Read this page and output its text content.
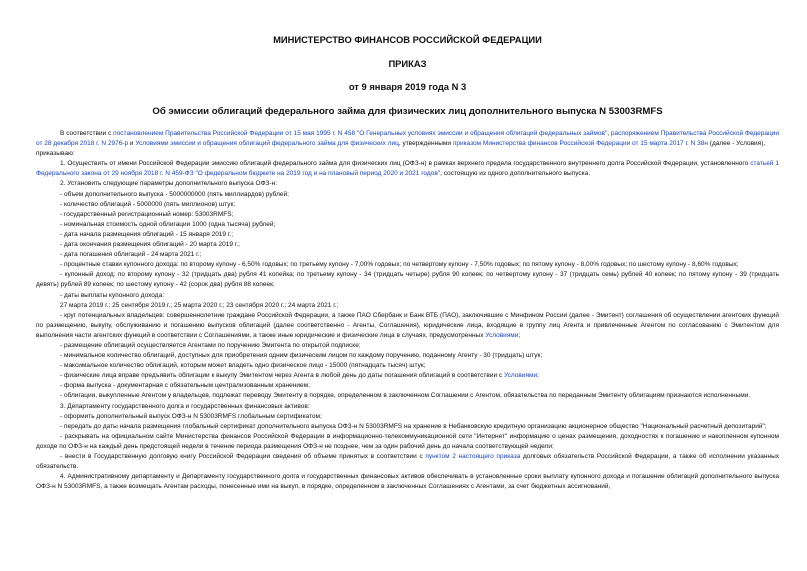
МИНИСТЕРСТВО ФИНАНСОВ РОССИЙСКОЙ ФЕДЕРАЦИИ

ПРИКАЗ

от 9 января 2019 года N 3

Об эмиссии облигаций федерального займа для физических лиц дополнительного выпуска N 53003RMFS

В соответствии с постановлением Правительства Российской Федерации от 15 мая 1995 г. N 458 "О Генеральных условиях эмиссии и обращения облигаций федеральных займов", распоряжением Правительства Российской Федерации от 28 декабря 2018 г. N 2976-р и Условиями эмиссии и обращения облигаций федерального займа для физических лиц, утвержденными приказом Министерства финансов Российской Федерации от 15 марта 2017 г. N 38н (далее - Условия),

приказываю:

1. Осуществить от имени Российской Федерации эмиссию облигаций федерального займа для физических лиц (ОФЗ-н) в рамках верхнего предела государственного внутреннего долга Российской Федерации, установленного статьей 1 Федерального закона от 29 ноября 2018 г. N 459-ФЗ "О федеральном бюджете на 2019 год и на плановый период 2020 и 2021 годов", состоящую из одного дополнительного выпуска.

2. Установить следующие параметры дополнительного выпуска ОФЗ-н:

- объем дополнительного выпуска - 5000000000 (пять миллиардов) рублей;

- количество облигаций - 5000000 (пять миллионов) штук;

- государственный регистрационный номер: 53003RMFS;

- номинальная стоимость одной облигации 1000 (одна тысяча) рублей;

- дата начала размещения облигаций - 15 января 2019 г.;

- дата окончания размещения облигаций - 20 марта 2019 г.;

- дата погашения облигаций - 24 марта 2021 г.;

- процентные ставки купонного дохода: по второму купону - 6,50% годовых; по третьему купону - 7,00% годовых; по четвертому купону - 7,50% годовых; по пятому купону - 8,00% годовых; по шестому купону - 8,60% годовых;

- купонный доход: по второму купону - 32 (тридцать два) рубля 41 копейка; по третьему купону - 34 (тридцать четыре) рубля 90 копеек; по четвертому купону - 37 (тридцать семь) рублей 40 копеек; по пятому купону - 39 (тридцать девять) рублей 89 копеек; по шестому купону - 42 (сорок два) рубля 88 копеек;

- даты выплаты купонного дохода:

27 марта 2019 г.; 25 сентября 2019 г.; 25 марта 2020 г.; 23 сентября 2020 г.; 24 марта 2021 г.;

- круг потенциальных владельцев: совершеннолетние граждане Российской Федерации, а также ПАО Сбербанк и Банк ВТБ (ПАО), заключившие с Минфином России (далее - Эмитент) соглашения об осуществлении агентских функций по размещению, выкупу, обслуживанию и погашению выпусков облигаций (далее соответственно - Агенты, Соглашения), юридические лица, входящие в группу лиц Агента и привлеченные Агентом по согласованию с Эмитентом для выполнения части агентских функций в соответствии с Соглашениями, а также иные юридические и физические лица в случаях, предусмотренных Условиями;

- размещение облигаций осуществляется Агентами по поручению Эмитента по открытой подписке;

- минимальное количество облигаций, доступных для приобретения одним физическим лицом по каждому поручению, поданному Агенту - 30 (тридцать) штук;

- максимальное количество облигаций, которым может владеть одно физическое лицо - 15000 (пятнадцать тысяч) штук;

- физические лица вправе предъявить облигации к выкупу Эмитентом через Агента в любой день до даты погашения облигаций в соответствии с Условиями;

- форма выпуска - документарная с обязательным централизованным хранением;

- облигации, выкупленные Агентом у владельцев, подлежат переводу Эмитенту в порядке, определенном в заключенном Соглашении с Агентом, обязательства по переданным Эмитенту облигациям признаются исполненными.

3. Департаменту государственного долга и государственных финансовых активов:

- оформить дополнительный выпуск ОФЗ-н N 53003RMFS глобальным сертификатом;

- передать до даты начала размещения глобальный сертификат дополнительного выпуска ОФЗ-н N 53003RMFS на хранение в Небанковскую кредитную организацию акционерное общество "Национальный расчетный депозитарий";

- раскрывать на официальном сайте Министерства финансов Российской Федерации в информационно-телекоммуникационной сети "Интернет" информацию о ценах размещения, доходностях к погашению и накопленном купонном доходе по ОФЗ-н на каждый день предстоящей недели в течение периода размещения ОФЗ-н не позднее, чем за один рабочий день до начала соответствующей недели;

- внести в Государственную долговую книгу Российской Федерации сведения об объеме принятых в соответствии с пунктом 2 настоящего приказа долговых обязательств Российской Федерации, а также об исполнении указанных обязательств.

4. Административному департаменту и Департаменту государственного долга и государственных финансовых активов обеспечивать в установленные сроки выплату купонного дохода и погашение облигаций дополнительного выпуска ОФЗ-н N 53003RMFS, а также возмещать Агентам расходы, понесенные ими на выкуп, в порядке, определенном в заключенных Соглашениях с Агентами, за счет бюджетных ассигнований,
